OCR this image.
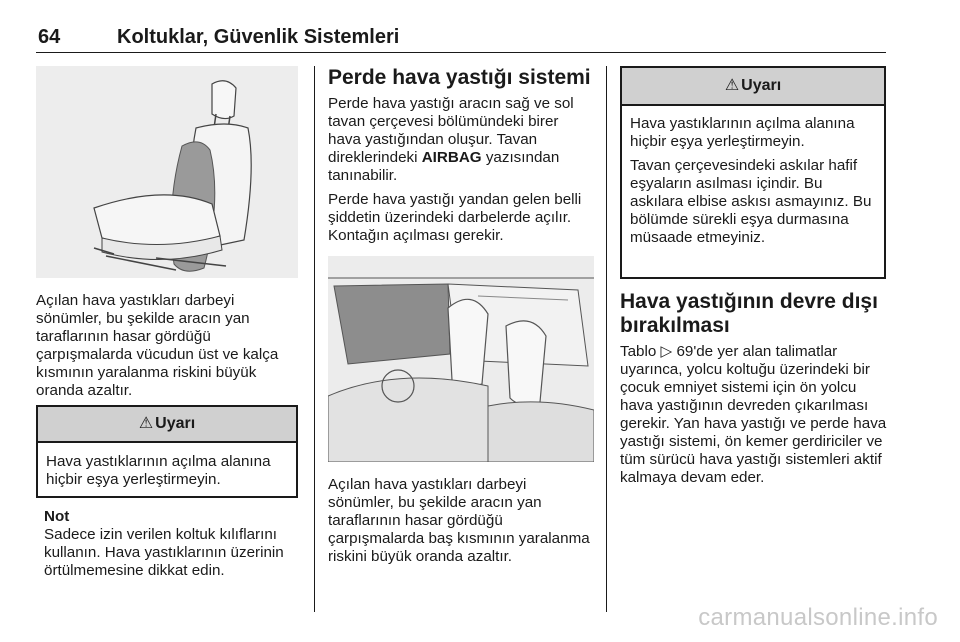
64	Koltuklar, Güvenlik Sistemleri

Açılan hava yastıkları darbeyi sönümler, bu şekilde aracın yan taraflarının hasar gördüğü çarpışmalarda vücudun üst ve kalça kısmının yaralanma riskini büyük oranda azaltır.

⚠ Uyarı

Hava yastıklarının açılma alanına hiçbir eşya yerleştirmeyin.

Not
Sadece izin verilen koltuk kılıflarını kullanın. Hava yastıklarının üzerinin örtülmemesine dikkat edin.
Perde hava yastığı sistemi

Perde hava yastığı aracın sağ ve sol tavan çerçevesi bölümündeki birer hava yastığından oluşur. Tavan direklerindeki AIRBAG yazısından tanınabilir.

Perde hava yastığı yandan gelen belli şiddetin üzerindeki darbelerde açılır. Kontağın açılması gerekir.

Açılan hava yastıkları darbeyi sönümler, bu şekilde aracın yan taraflarının hasar gördüğü çarpışmalarda baş kısmının yaralanma riskini büyük oranda azaltır.

⚠ Uyarı

Hava yastıklarının açılma alanına hiçbir eşya yerleştirmeyin.

Tavan çerçevesindeki askılar hafif eşyaların asılması içindir. Bu askılara elbise askısı asmayınız. Bu bölümde sürekli eşya durmasına müsaade etmeyiniz.

Hava yastığının devre dışı bırakılması

Tablo ▷ 69'de yer alan talimatlar uyarınca, yolcu koltuğu üzerindeki bir çocuk emniyet sistemi için ön yolcu hava yastığının devreden çıkarılması gerekir. Yan hava yastığı ve perde hava yastığı sistemi, ön kemer gerdiriciler ve tüm sürücü hava yastığı sistemleri aktif kalmaya devam eder.

carmanualsonline.info
